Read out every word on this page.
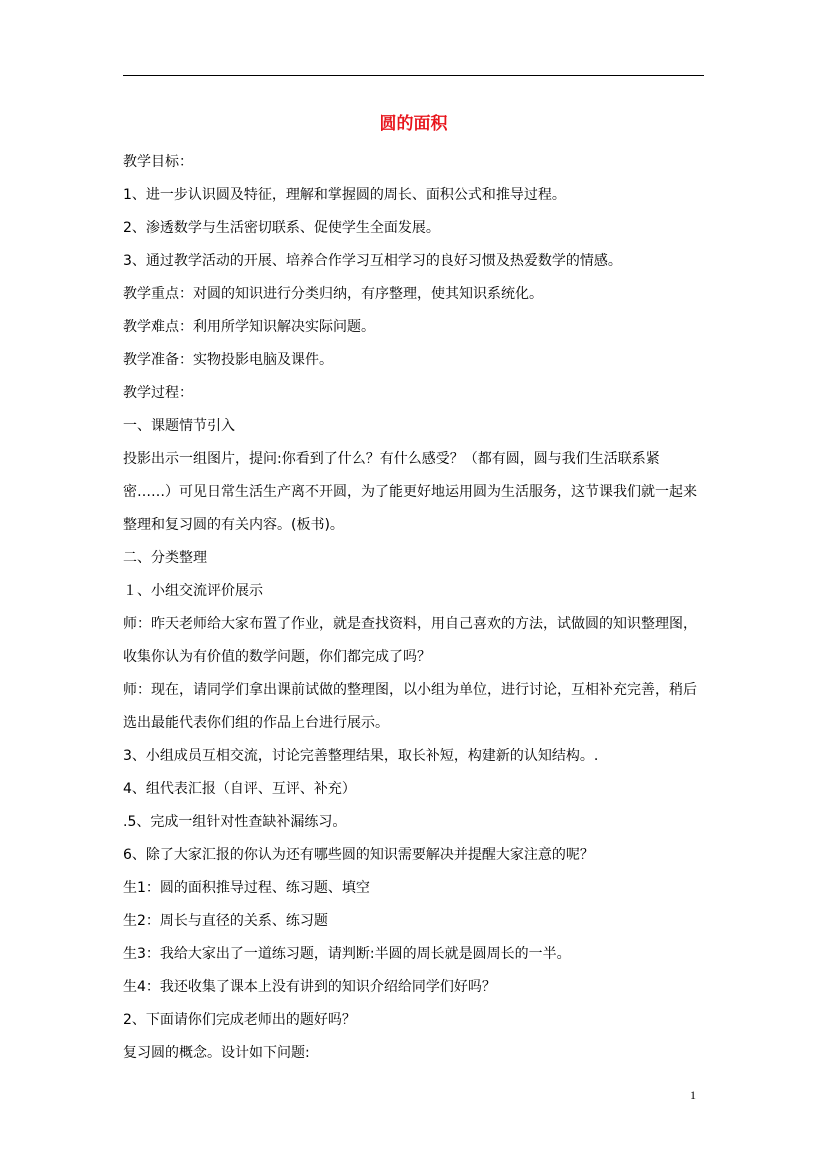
圆的面积

教学目标：

1、进一步认识圆及特征，理解和掌握圆的周长、面积公式和推导过程。

2、渗透数学与生活密切联系、促使学生全面发展。

3、通过教学活动的开展、培养合作学习互相学习的良好习惯及热爱数学的情感。

教学重点：对圆的知识进行分类归纳，有序整理，使其知识系统化。

教学难点：利用所学知识解决实际问题。

教学准备：实物投影电脑及课件。

教学过程：

一、课题情节引入

投影出示一组图片，提问:你看到了什么？有什么感受？（都有圆，圆与我们生活联系紧密……）可见日常生活生产离不开圆，为了能更好地运用圆为生活服务，这节课我们就一起来整理和复习圆的有关内容。(板书)。

二、分类整理

１、小组交流评价展示

师：昨天老师给大家布置了作业，就是查找资料，用自己喜欢的方法，试做圆的知识整理图，收集你认为有价值的数学问题，你们都完成了吗？

师：现在，请同学们拿出课前试做的整理图，以小组为单位，进行讨论，互相补充完善，稍后选出最能代表你们组的作品上台进行展示。

3、小组成员互相交流，讨论完善整理结果，取长补短，构建新的认知结构。.

4、组代表汇报（自评、互评、补充）

.5、完成一组针对性查缺补漏练习。

6、除了大家汇报的你认为还有哪些圆的知识需要解决并提醒大家注意的呢？

生1：圆的面积推导过程、练习题、填空

生2：周长与直径的关系、练习题

生3：我给大家出了一道练习题，请判断:半圆的周长就是圆周长的一半。

生4：我还收集了课本上没有讲到的知识介绍给同学们好吗？

2、下面请你们完成老师出的题好吗？

复习圆的概念。设计如下问题:

1
